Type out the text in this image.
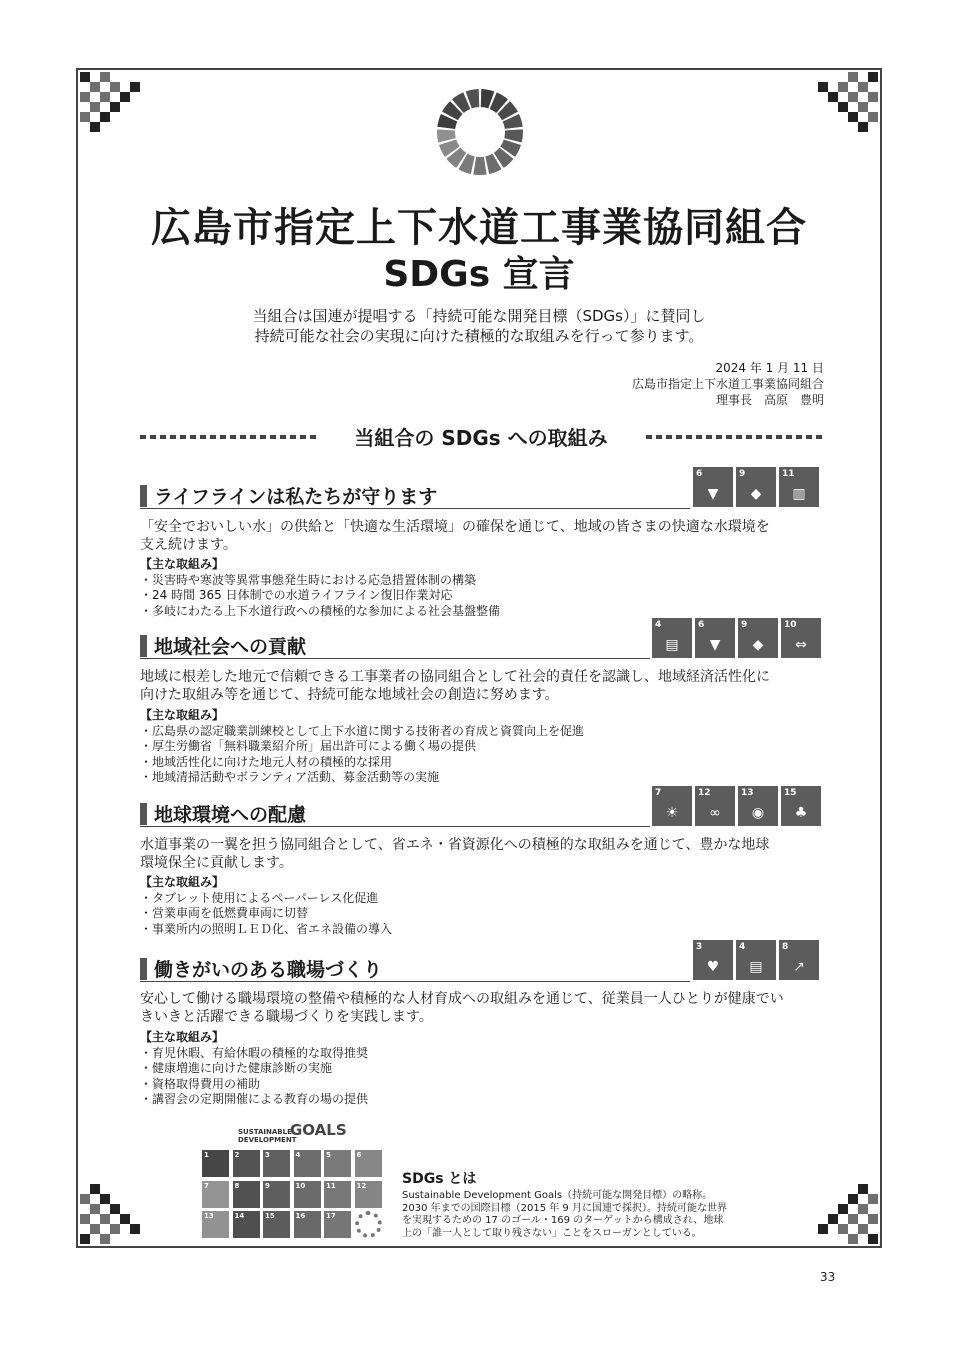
広島市指定上下水道工事業協同組合
SDGs 宣言
当組合は国連が提唱する「持続可能な開発目標（SDGs）」に賛同し
持続可能な社会の実現に向けた積極的な取組みを行って参ります。
2024 年 1 月 11 日
広島市指定上下水道工事業協同組合
理事長　高原　豊明
当組合の SDGs への取組み
ライフラインは私たちが守ります
6
▼
9
◆
11
▥
「安全でおいしい水」の供給と「快適な生活環境」の確保を通じて、地域の皆さまの快適な水環境を
支え続けます。
【主な取組み】
・災害時や寒波等異常事態発生時における応急措置体制の構築
・24 時間 365 日体制での水道ライフライン復旧作業対応
・多岐にわたる上下水道行政への積極的な参加による社会基盤整備
地域社会への貢献
4
▤
6
▼
9
◆
10
⇔
地域に根差した地元で信頼できる工事業者の協同組合として社会的責任を認識し、地域経済活性化に
向けた取組み等を通じて、持続可能な地域社会の創造に努めます。
【主な取組み】
・広島県の認定職業訓練校として上下水道に関する技術者の育成と資質向上を促進
・厚生労働省「無料職業紹介所」届出許可による働く場の提供
・地域活性化に向けた地元人材の積極的な採用
・地域清掃活動やボランティア活動、募金活動等の実施
地球環境への配慮
7
☀
12
∞
13
◉
15
♣
水道事業の一翼を担う協同組合として、省エネ・省資源化への積極的な取組みを通じて、豊かな地球
環境保全に貢献します。
【主な取組み】
・タブレット使用によるペーパーレス化促進
・営業車両を低燃費車両に切替
・事業所内の照明ＬＥＤ化、省エネ設備の導入
働きがいのある職場づくり
3
♥
4
▤
8
↗
安心して働ける職場環境の整備や積極的な人材育成への取組みを通じて、従業員一人ひとりが健康でい
きいきと活躍できる職場づくりを実践します。
【主な取組み】
・育児休暇、有給休暇の積極的な取得推奨
・健康増進に向けた健康診断の実施
・資格取得費用の補助
・講習会の定期開催による教育の場の提供
SUSTAINABLE DEVELOPMENT
GOALS
1	2	3	4	5	6
7	8	9	10	11	12
13	14	15	16	17
SDGs とは
Sustainable Development Goals（持続可能な開発目標）の略称。
2030 年までの国際目標（2015 年 9 月に国連で採択）。持続可能な世界
を実現するための 17 のゴール・169 のターゲットから構成され、地球
上の「誰一人として取り残さない」ことをスローガンとしている。
33
